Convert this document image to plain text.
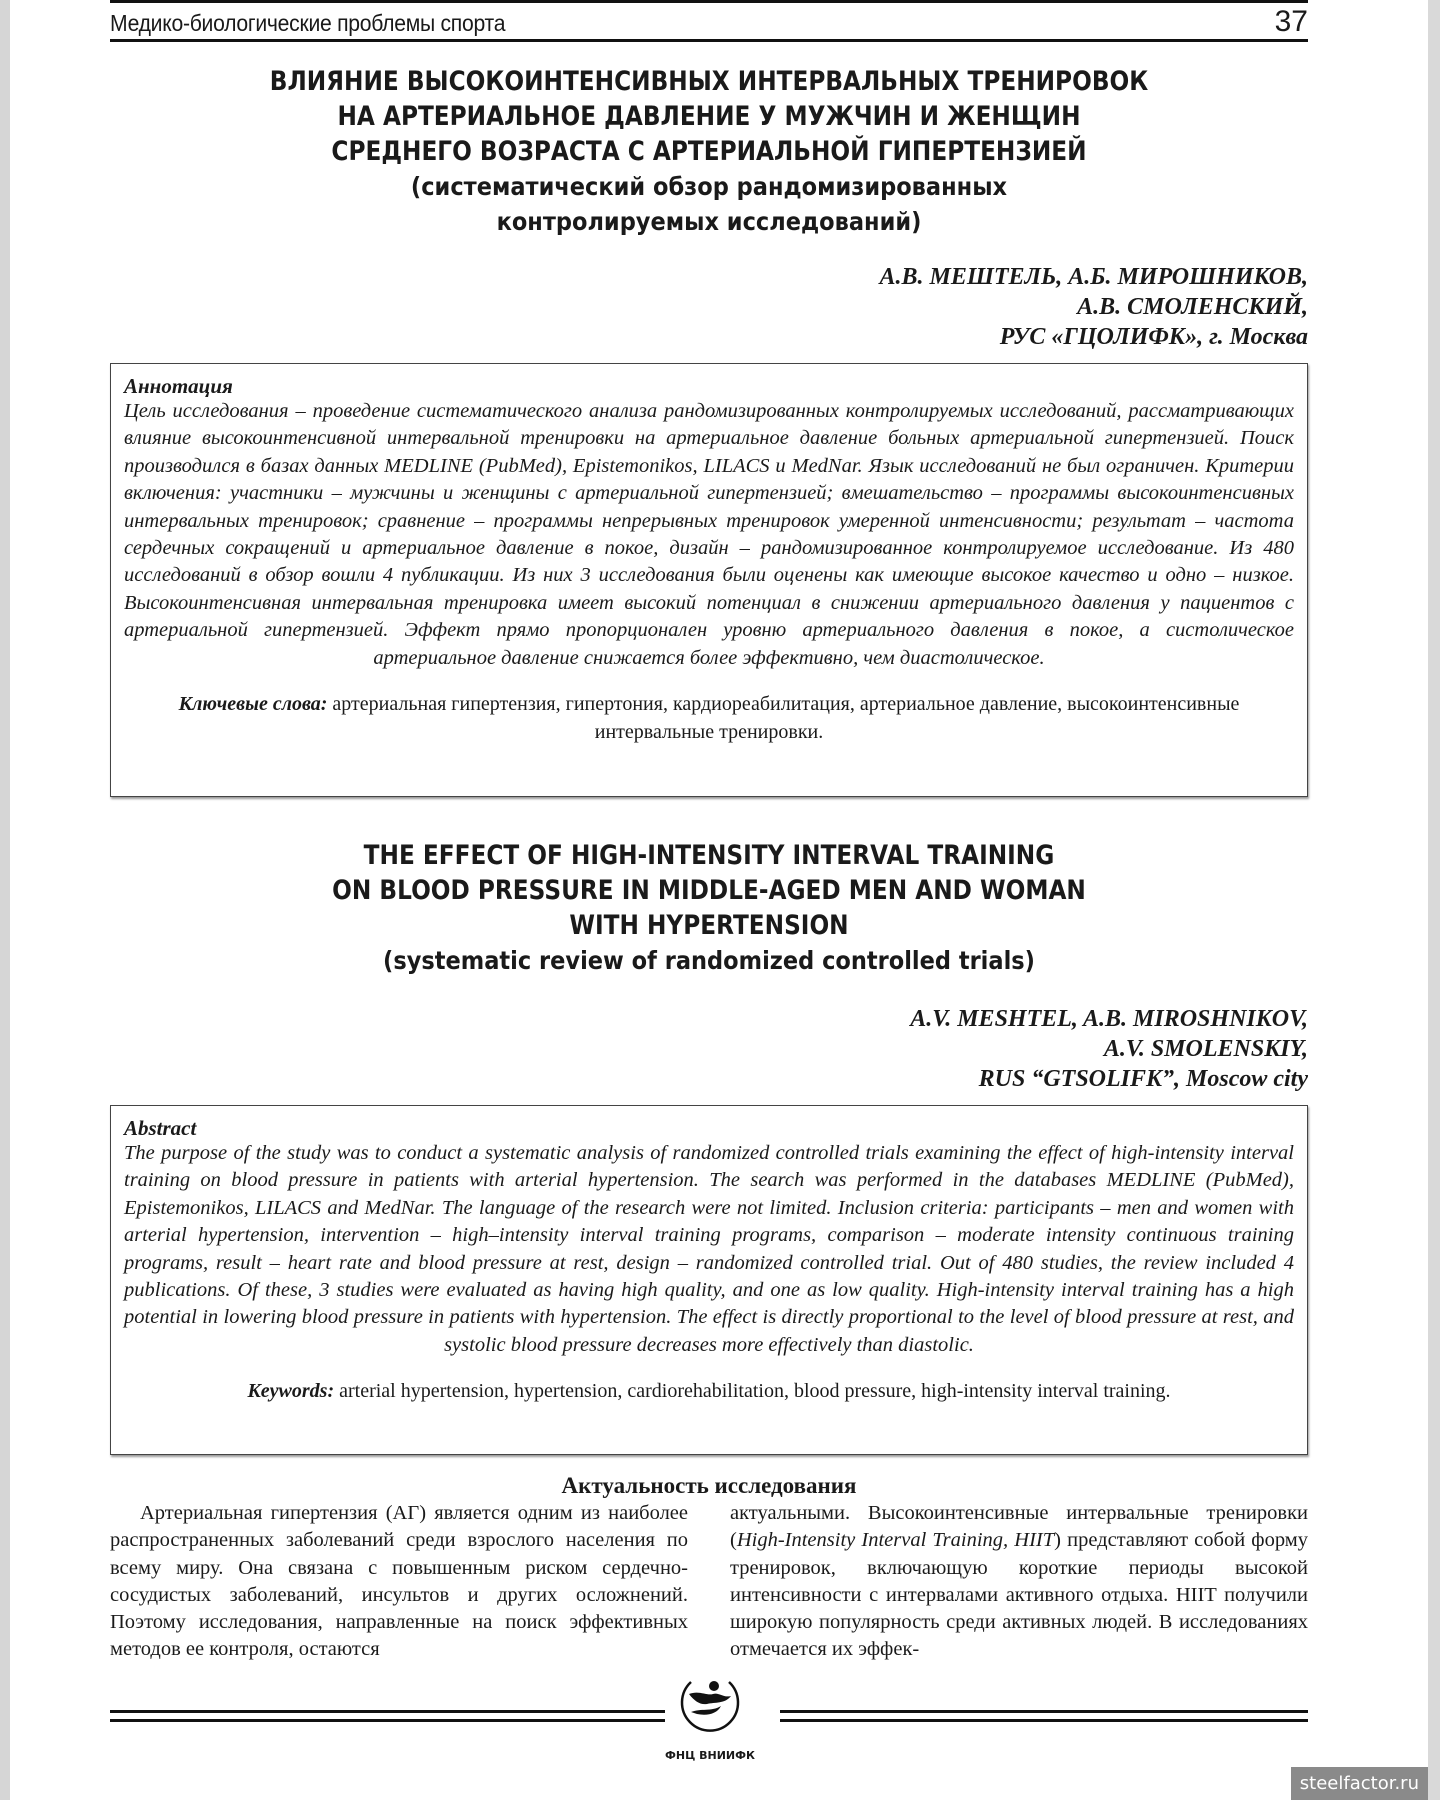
Медико-биологические проблемы спорта	37
ВЛИЯНИЕ ВЫСОКОИНТЕНСИВНЫХ ИНТЕРВАЛЬНЫХ ТРЕНИРОВОК
НА АРТЕРИАЛЬНОЕ ДАВЛЕНИЕ У МУЖЧИН И ЖЕНЩИН
СРЕДНЕГО ВОЗРАСТА С АРТЕРИАЛЬНОЙ ГИПЕРТЕНЗИЕЙ
(систематический обзор рандомизированных
контролируемых исследований)
А.В. МЕШТЕЛЬ, А.Б. МИРОШНИКОВ,
А.В. СМОЛЕНСКИЙ,
РУС «ГЦОЛИФК», г. Москва
Аннотация
Цель исследования – проведение систематического анализа рандомизированных контролируемых исследований, рассматривающих влияние высокоинтенсивной интервальной тренировки на артериальное давление больных артериальной гипертензией. Поиск производился в базах данных MEDLINE (PubMed), Epistemonikos, LILACS и MedNar. Язык исследований не был ограничен. Критерии включения: участники – мужчины и женщины с артериальной гипертензией; вмешательство – программы высокоинтенсивных интервальных тренировок; сравнение – программы непрерывных тренировок умеренной интенсивности; результат – частота сердечных сокращений и артериальное давление в покое, дизайн – рандомизированное контролируемое исследование. Из 480 исследований в обзор вошли 4 публикации. Из них 3 исследования были оценены как имеющие высокое качество и одно – низкое. Высокоинтенсивная интервальная тренировка имеет высокий потенциал в снижении артериального давления у пациентов с артериальной гипертензией. Эффект прямо пропорционален уровню артериального давления в покое, а систолическое артериальное давление снижается более эффективно, чем диастолическое.
Ключевые слова: артериальная гипертензия, гипертония, кардиореабилитация, артериальное давление, высокоинтенсивные интервальные тренировки.
THE EFFECT OF HIGH-INTENSITY INTERVAL TRAINING
ON BLOOD PRESSURE IN MIDDLE-AGED MEN AND WOMAN
WITH HYPERTENSION
(systematic review of randomized controlled trials)
A.V. MESHTEL, A.B. MIROSHNIKOV,
A.V. SMOLENSKIY,
RUS “GTSOLIFK”, Moscow city
Abstract
The purpose of the study was to conduct a systematic analysis of randomized controlled trials examining the effect of high-intensity interval training on blood pressure in patients with arterial hypertension. The search was performed in the databases MEDLINE (PubMed), Epistemonikos, LILACS and MedNar. The language of the research were not limited. Inclusion criteria: participants – men and women with arterial hypertension, intervention – high–intensity interval training programs, comparison – moderate intensity continuous training programs, result – heart rate and blood pressure at rest, design – randomized controlled trial. Out of 480 studies, the review included 4 publications. Of these, 3 studies were evaluated as having high quality, and one as low quality. High-intensity interval training has a high potential in lowering blood pressure in patients with hypertension. The effect is directly proportional to the level of blood pressure at rest, and systolic blood pressure decreases more effectively than diastolic.
Keywords: arterial hypertension, hypertension, cardiorehabilitation, blood pressure, high-intensity interval training.
Актуальность исследования
Артериальная гипертензия (АГ) является одним из наиболее распространенных заболеваний среди взрослого населения по всему миру. Она связана с повышенным риском сердечно-сосудистых заболеваний, инсультов и других осложнений. Поэтому исследования, направленные на поиск эффективных методов ее контроля, остаются
актуальными. Высокоинтенсивные интервальные тренировки (High-Intensity Interval Training, HIIT) представляют собой форму тренировок, включающую короткие периоды высокой интенсивности с интервалами активного отдыха. HIIT получили широкую популярность среди активных людей. В исследованиях отмечается их эффек-
ФНЦ ВНИИФК
steelfactor.ru
